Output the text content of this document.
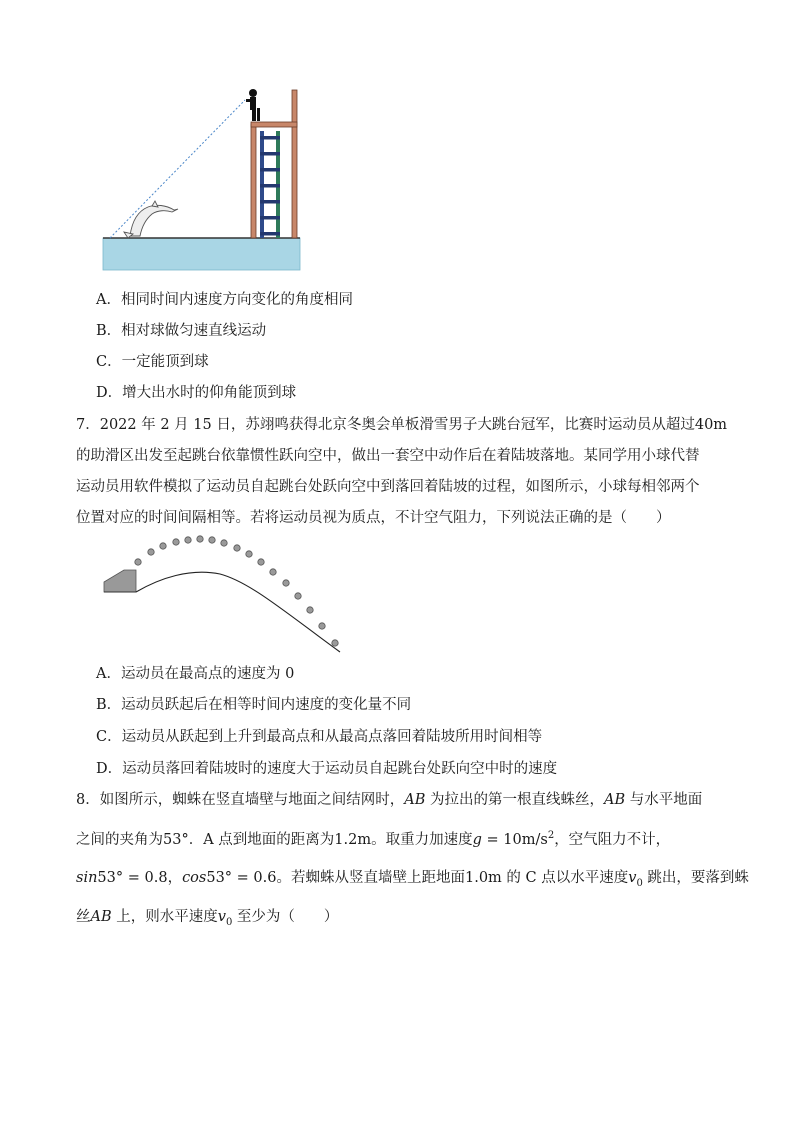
A．相同时间内速度方向变化的角度相同
B．相对球做匀速直线运动
C．一定能顶到球
D．增大出水时的仰角能顶到球
7．2022 年 2 月 15 日，苏翊鸣获得北京冬奥会单板滑雪男子大跳台冠军，比赛时运动员从超过40m
的助滑区出发至起跳台依靠惯性跃向空中，做出一套空中动作后在着陆坡落地。某同学用小球代替
运动员用软件模拟了运动员自起跳台处跃向空中到落回着陆坡的过程，如图所示，小球每相邻两个
位置对应的时间间隔相等。若将运动员视为质点，不计空气阻力，下列说法正确的是（　　）
A．运动员在最高点的速度为 0
B．运动员跃起后在相等时间内速度的变化量不同
C．运动员从跃起到上升到最高点和从最高点落回着陆坡所用时间相等
D．运动员落回着陆坡时的速度大于运动员自起跳台处跃向空中时的速度
8．如图所示，蜘蛛在竖直墙壁与地面之间结网时，AB 为拉出的第一根直线蛛丝，AB 与水平地面
之间的夹角为53°．A 点到地面的距离为1.2m。取重力加速度$g = 10m/s^2$，空气阻力不计，
sin53° = 0.8，cos53° = 0.6。若蜘蛛从竖直墙壁上距地面1.0m 的 C 点以水平速度$v_0$ 跳出，要落到蛛
丝AB 上，则水平速度$v_0$ 至少为（　　）
